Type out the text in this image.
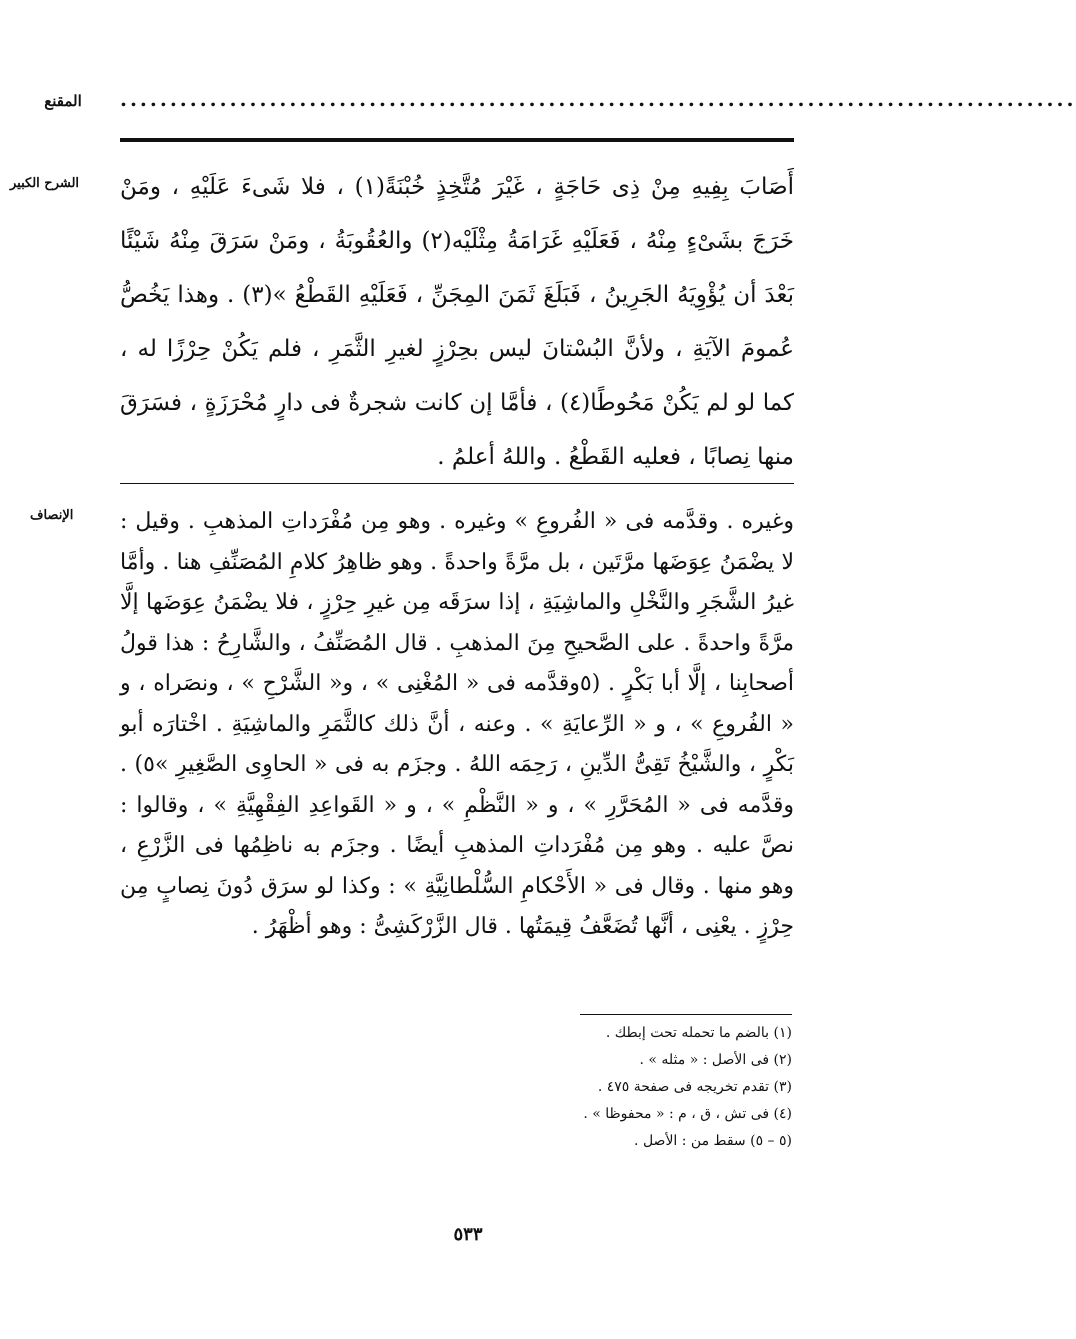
المقنع	................................................................................................
الشرح الكبير	أَصَابَ بِفِيهِ مِنْ ذِى حَاجَةٍ ، غَيْرَ مُتَّخِذٍ خُبْنَةً(١) ، فلا شَىءَ عَلَيْهِ ، ومَنْ خَرَجَ بشَىْءٍ مِنْهُ ، فَعَلَيْهِ غَرَامَةُ مِثْلَيْه(٢) والعُقُوبَةُ ، ومَنْ سَرَقَ مِنْهُ شَيْئًا بَعْدَ أن يُؤْوِيَهُ الجَرِينُ ، فَبَلَغَ ثَمَنَ المِجَنِّ ، فَعَلَيْهِ القَطْعُ »(٣) . وهذا يَخُصُّ عُمومَ الآيَةِ ، ولأنَّ البُسْتانَ ليس بحِرْزٍ لغيرِ الثَّمَرِ ، فلم يَكُنْ حِرْزًا له ، كما لو لم يَكُنْ مَحُوطًا(٤) ، فأمَّا إن كانت شجرةٌ فى دارٍ مُحْرَزَةٍ ، فسَرَقَ منها نِصابًا ، فعليه القَطْعُ . واللهُ أعلمُ .
الإنصاف	وغيره . وقدَّمه فى « الفُروعِ » وغيره . وهو مِن مُفْرَداتِ المذهبِ . وقيل : لا يضْمَنُ عِوَضَها مرَّتَين ، بل مرَّةً واحدةً . وهو ظاهِرُ كلامِ المُصَنِّفِ هنا . وأمَّا غيرُ الشَّجَرِ والنَّخْلِ والماشِيَةِ ، إذا سرَقَه مِن غيرِ حِرْزٍ ، فلا يضْمَنُ عِوَضَها إلَّا مرَّةً واحدةً . على الصَّحيحِ مِنَ المذهبِ . قال المُصَنِّفُ ، والشَّارِحُ : هذا قولُ أصحابِنا ، إلَّا أبا بَكْرٍ . (٥وقدَّمه فى « المُغْنِى » ، و« الشَّرْحِ » ، ونصَراه ، و « الفُروعِ » ، و « الرِّعايَةِ » . وعنه ، أنَّ ذلك كالثَّمَرِ والماشِيَةِ . اخْتارَه أبو بَكْرٍ ، والشَّيْخُ تَقِىُّ الدِّينِ ، رَحِمَه اللهُ . وجزَم به فى « الحاوِى الصَّغِيرِ »٥) . وقدَّمه فى « المُحَرَّرِ » ، و « النَّظْمِ » ، و « القَواعِدِ الفِقْهِيَّةِ » ، وقالوا : نصَّ عليه . وهو مِن مُفْرَداتِ المذهبِ أيضًا . وجزَم به ناظِمُها فى الزَّرْعِ ، وهو منها . وقال فى « الأَحْكامِ السُّلْطانِيَّةِ » : وكذا لو سرَق دُونَ نِصابٍ مِن حِرْزٍ . يعْنِى ، أنَّها تُضَعَّفُ قِيمَتُها . قال الزَّرْكَشِىُّ : وهو أظْهَرُ .
(١) بالضم ما تحمله تحت إبطك .
(٢) فى الأصل : « مثله » .
(٣) تقدم تخريجه فى صفحة ٤٧٥ .
(٤) فى تش ، ق ، م : « محفوظا » .
(٥ – ٥) سقط من : الأصل .
٥٣٣
